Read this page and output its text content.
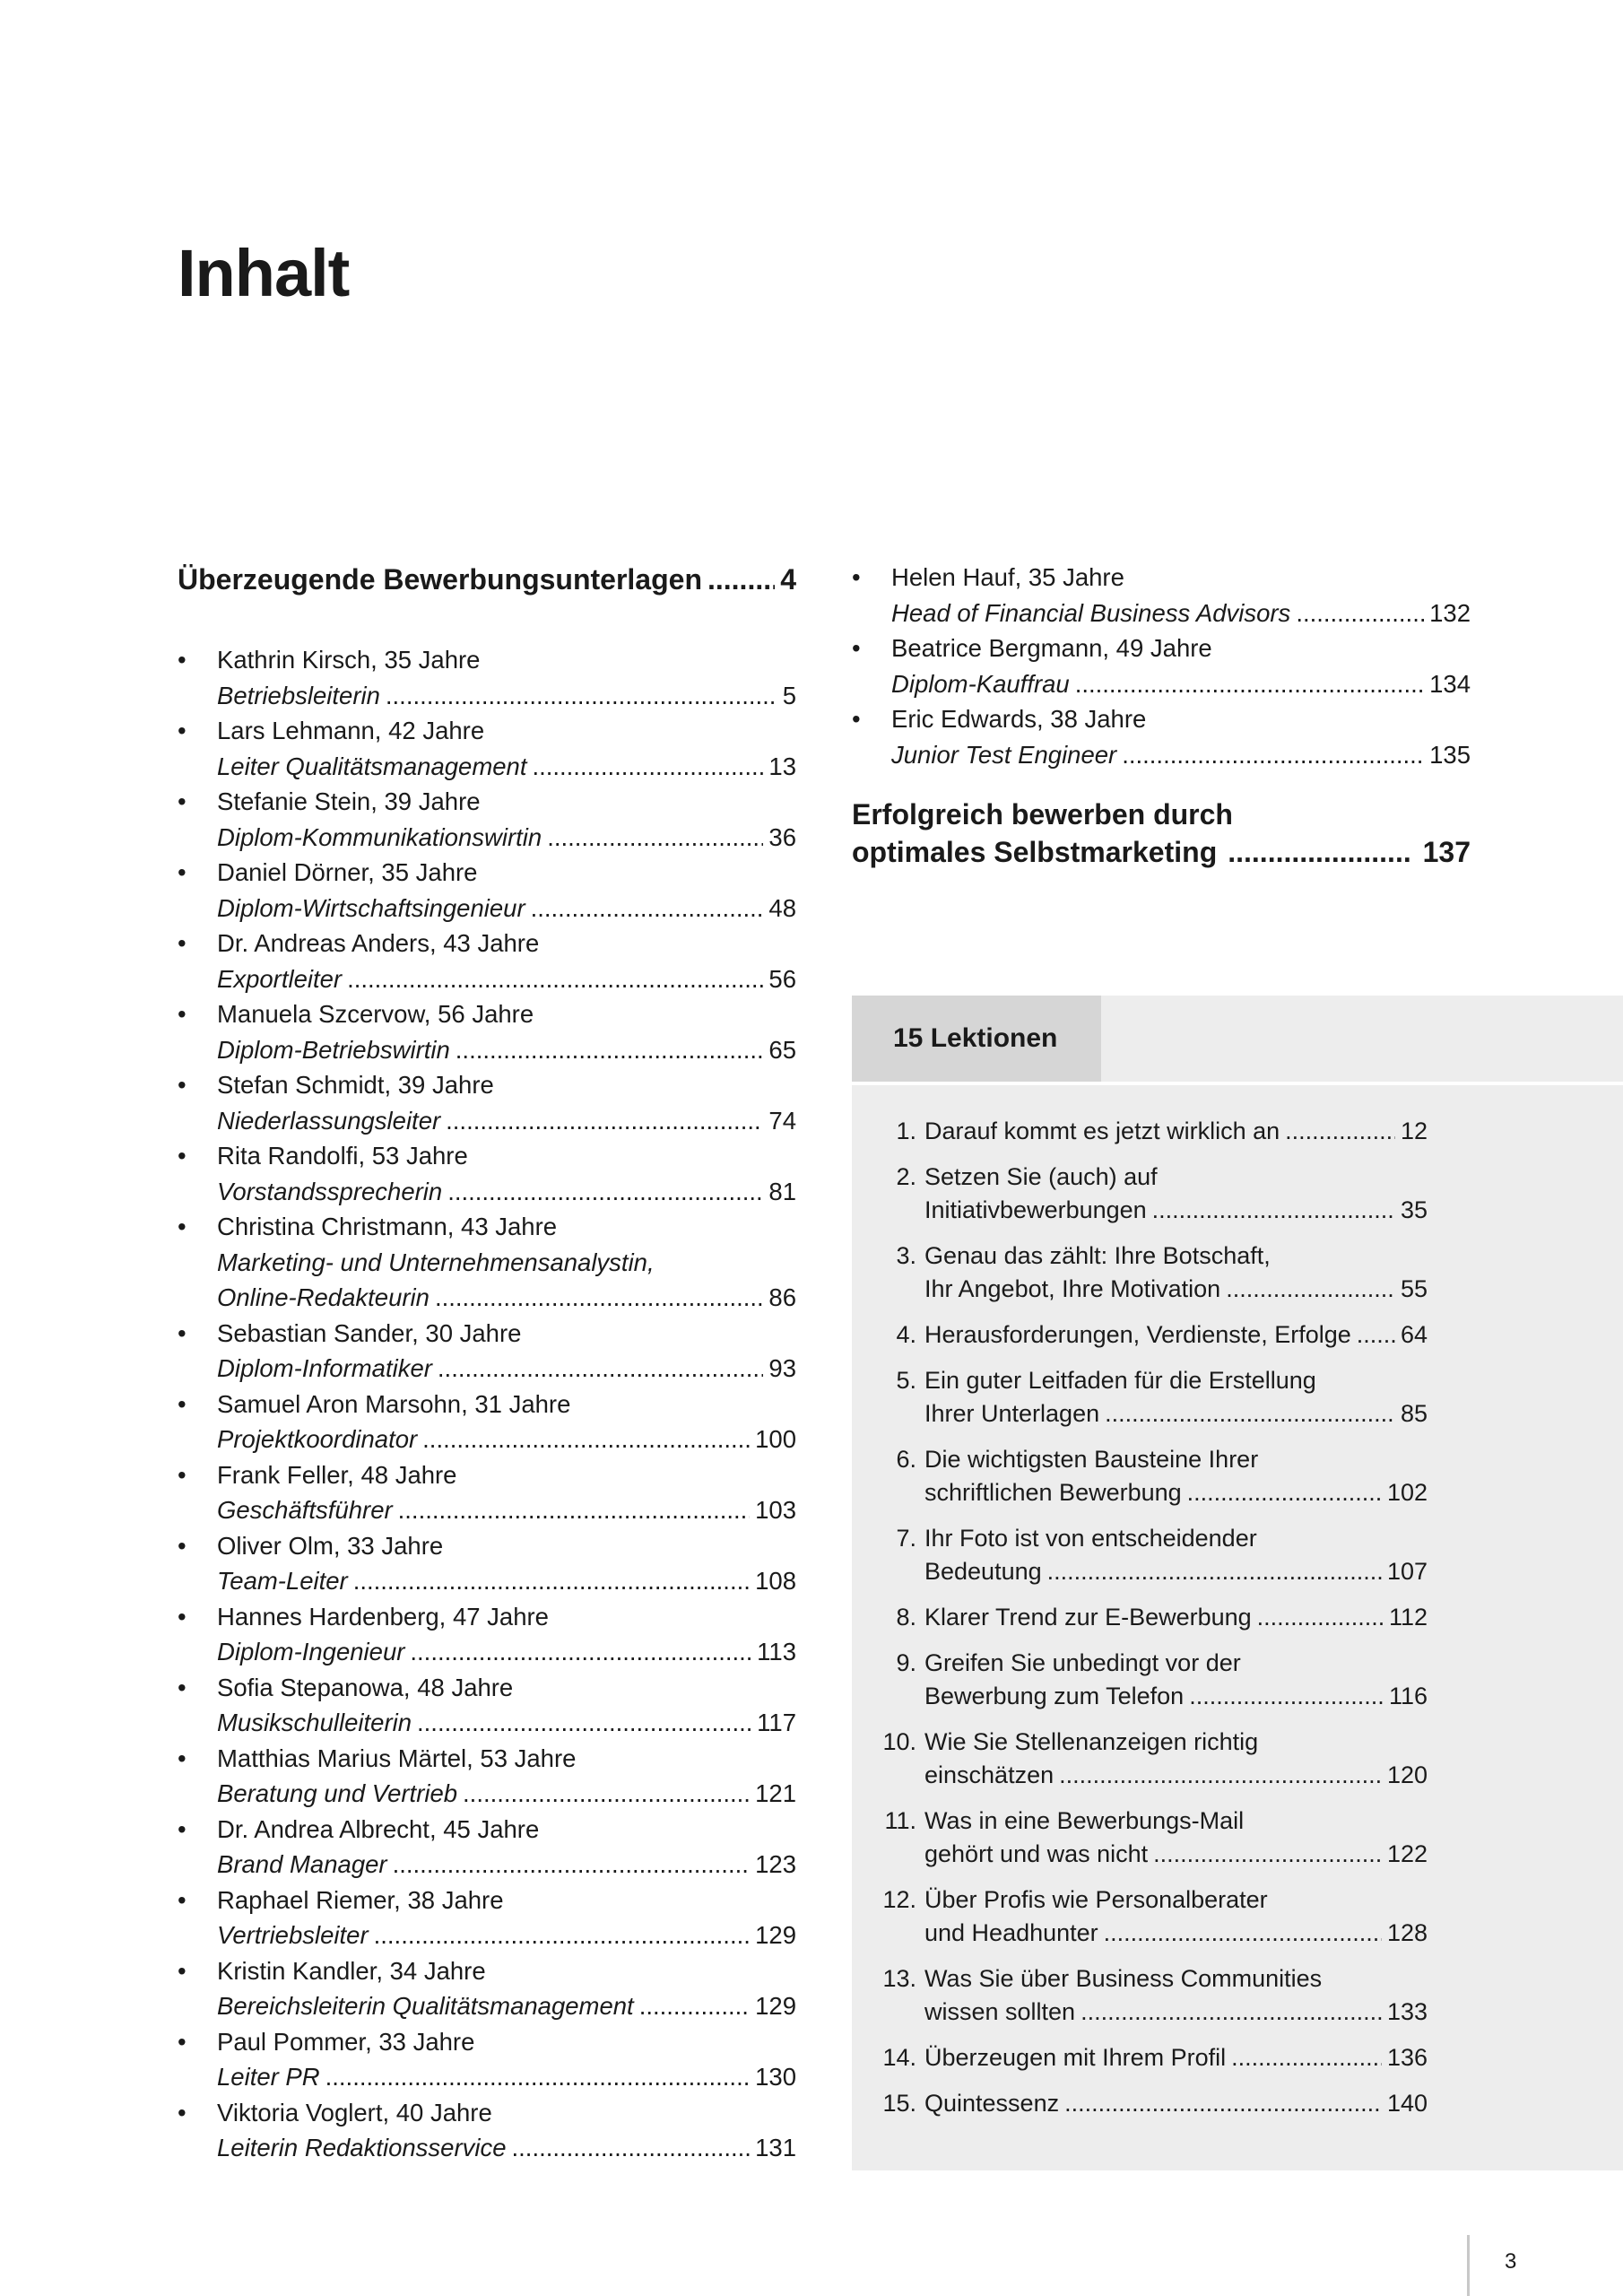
Inhalt
Überzeugende Bewerbungsunterlagen .....	4
•	Kathrin Kirsch, 35 Jahre
Betriebsleiterin .....	5
•	Lars Lehmann, 42 Jahre
Leiter Qualitätsmanagement .....	13
•	Stefanie Stein, 39 Jahre
Diplom-Kommunikationswirtin .....	36
•	Daniel Dörner, 35 Jahre
Diplom-Wirtschaftsingenieur .....	48
•	Dr. Andreas Anders, 43 Jahre
Exportleiter .....	56
•	Manuela Szcervow, 56 Jahre
Diplom-Betriebswirtin .....	65
•	Stefan Schmidt, 39 Jahre
Niederlassungsleiter .....	74
•	Rita Randolfi, 53 Jahre
Vorstandssprecherin .....	81
•	Christina Christmann, 43 Jahre
Marketing- und Unternehmensanalystin,
Online-Redakteurin .....	86
•	Sebastian Sander, 30 Jahre
Diplom-Informatiker .....	93
•	Samuel Aron Marsohn, 31 Jahre
Projektkoordinator .....	100
•	Frank Feller, 48 Jahre
Geschäftsführer .....	103
•	Oliver Olm, 33 Jahre
Team-Leiter .....	108
•	Hannes Hardenberg, 47 Jahre
Diplom-Ingenieur .....	113
•	Sofia Stepanowa, 48 Jahre
Musikschulleiterin .....	117
•	Matthias Marius Märtel, 53 Jahre
Beratung und Vertrieb .....	121
•	Dr. Andrea Albrecht, 45 Jahre
Brand Manager .....	123
•	Raphael Riemer, 38 Jahre
Vertriebsleiter .....	129
•	Kristin Kandler, 34 Jahre
Bereichsleiterin Qualitätsmanagement .....	129
•	Paul Pommer, 33 Jahre
Leiter PR .....	130
•	Viktoria Voglert, 40 Jahre
Leiterin Redaktionsservice .....	131
•	Helen Hauf, 35 Jahre
Head of Financial Business Advisors .....	132
•	Beatrice Bergmann, 49 Jahre
Diplom-Kauffrau .....	134
•	Eric Edwards, 38 Jahre
Junior Test Engineer .....	135
Erfolgreich bewerben durch
optimales Selbstmarketing .....	137
15 Lektionen
1. Darauf kommt es jetzt wirklich an .....	12
2. Setzen Sie (auch) auf
Initiativbewerbungen .....	35
3. Genau das zählt: Ihre Botschaft,
Ihr Angebot, Ihre Motivation .....	55
4. Herausforderungen, Verdienste, Erfolge ..... 64
5. Ein guter Leitfaden für die Erstellung
Ihrer Unterlagen .....	85
6. Die wichtigsten Bausteine Ihrer
schriftlichen Bewerbung .....	102
7. Ihr Foto ist von entscheidender
Bedeutung .....	107
8. Klarer Trend zur E-Bewerbung .....	112
9. Greifen Sie unbedingt vor der
Bewerbung zum Telefon .....	116
10. Wie Sie Stellenanzeigen richtig
einschätzen .....	120
11. Was in eine Bewerbungs-Mail
gehört und was nicht .....	122
12. Über Profis wie Personalberater
und Headhunter .....	128
13. Was Sie über Business Communities
wissen sollten .....	133
14. Überzeugen mit Ihrem Profil .....	136
15. Quintessenz .....	140
3
